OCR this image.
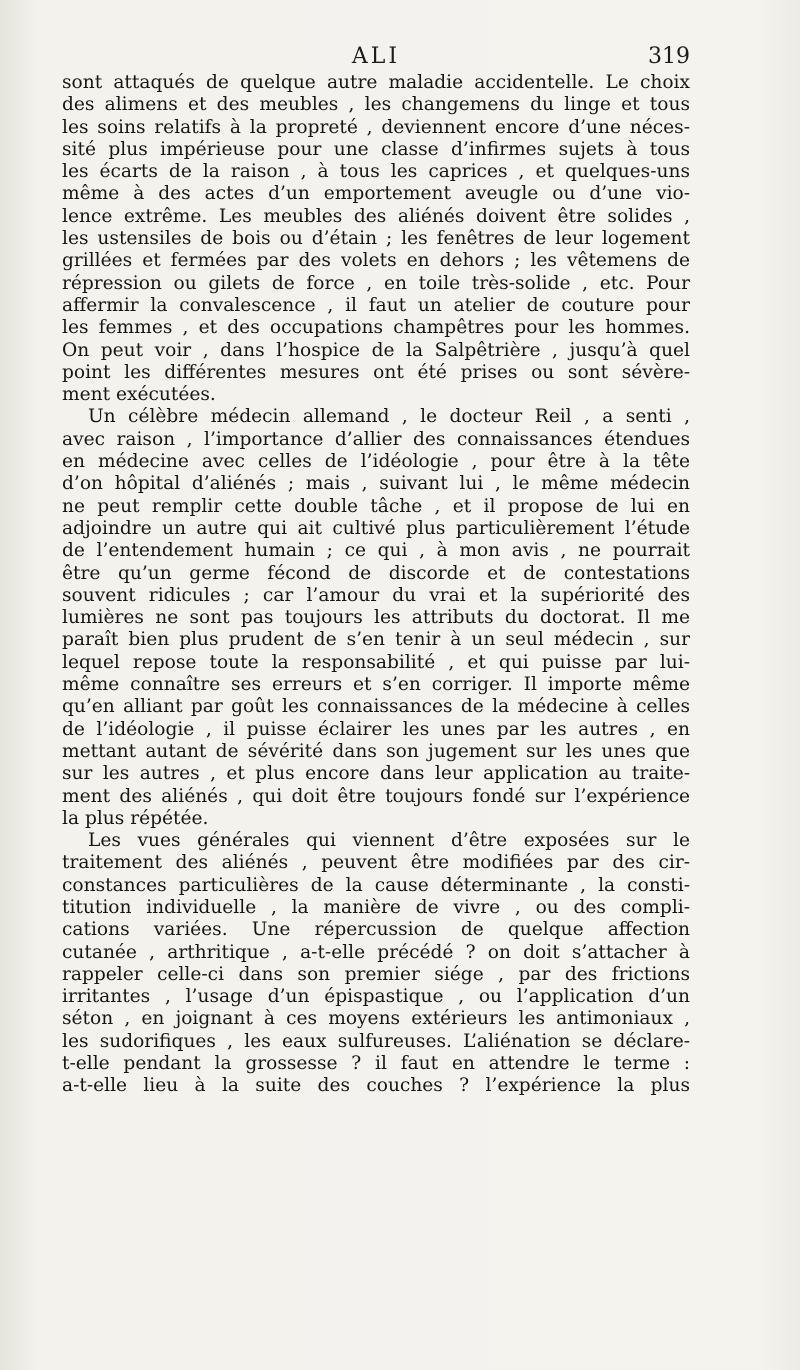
ALI	319
sont attaqués de quelque autre maladie accidentelle. Le choix
des alimens et des meubles , les changemens du linge et tous
les soins relatifs à la propreté , deviennent encore d’une néces-
sité plus impérieuse pour une classe d’infirmes sujets à tous
les écarts de la raison , à tous les caprices , et quelques-uns
même à des actes d’un emportement aveugle ou d’une vio-
lence extrême. Les meubles des aliénés doivent être solides ,
les ustensiles de bois ou d’étain ; les fenêtres de leur logement
grillées et fermées par des volets en dehors ; les vêtemens de
répression ou gilets de force , en toile très-solide , etc. Pour
affermir la convalescence , il faut un atelier de couture pour
les femmes , et des occupations champêtres pour les hommes.
On peut voir , dans l’hospice de la Salpêtrière , jusqu’à quel
point les différentes mesures ont été prises ou sont sévère-
ment exécutées.
Un célèbre médecin allemand , le docteur Reil , a senti ,
avec raison , l’importance d’allier des connaissances étendues
en médecine avec celles de l’idéologie , pour être à la tête
d’on hôpital d’aliénés ; mais , suivant lui , le même médecin
ne peut remplir cette double tâche , et il propose de lui en
adjoindre un autre qui ait cultivé plus particulièrement l’étude
de l’entendement humain ; ce qui , à mon avis , ne pourrait
être qu’un germe fécond de discorde et de contestations
souvent ridicules ; car l’amour du vrai et la supériorité des
lumières ne sont pas toujours les attributs du doctorat. Il me
paraît bien plus prudent de s’en tenir à un seul médecin , sur
lequel repose toute la responsabilité , et qui puisse par lui-
même connaître ses erreurs et s’en corriger. Il importe même
qu’en alliant par goût les connaissances de la médecine à celles
de l’idéologie , il puisse éclairer les unes par les autres , en
mettant autant de sévérité dans son jugement sur les unes que
sur les autres , et plus encore dans leur application au traite-
ment des aliénés , qui doit être toujours fondé sur l’expérience
la plus répétée.
Les vues générales qui viennent d’être exposées sur le
traitement des aliénés , peuvent être modifiées par des cir-
constances particulières de la cause déterminante , la consti-
titution individuelle , la manière de vivre , ou des compli-
cations variées. Une répercussion de quelque affection
cutanée , arthritique , a-t-elle précédé ? on doit s’attacher à
rappeler celle-ci dans son premier siége , par des frictions
irritantes , l’usage d’un épispastique , ou l’application d’un
séton , en joignant à ces moyens extérieurs les antimoniaux ,
les sudorifiques , les eaux sulfureuses. L’aliénation se déclare-
t-elle pendant la grossesse ? il faut en attendre le terme :
a-t-elle lieu à la suite des couches ? l’expérience la plus
